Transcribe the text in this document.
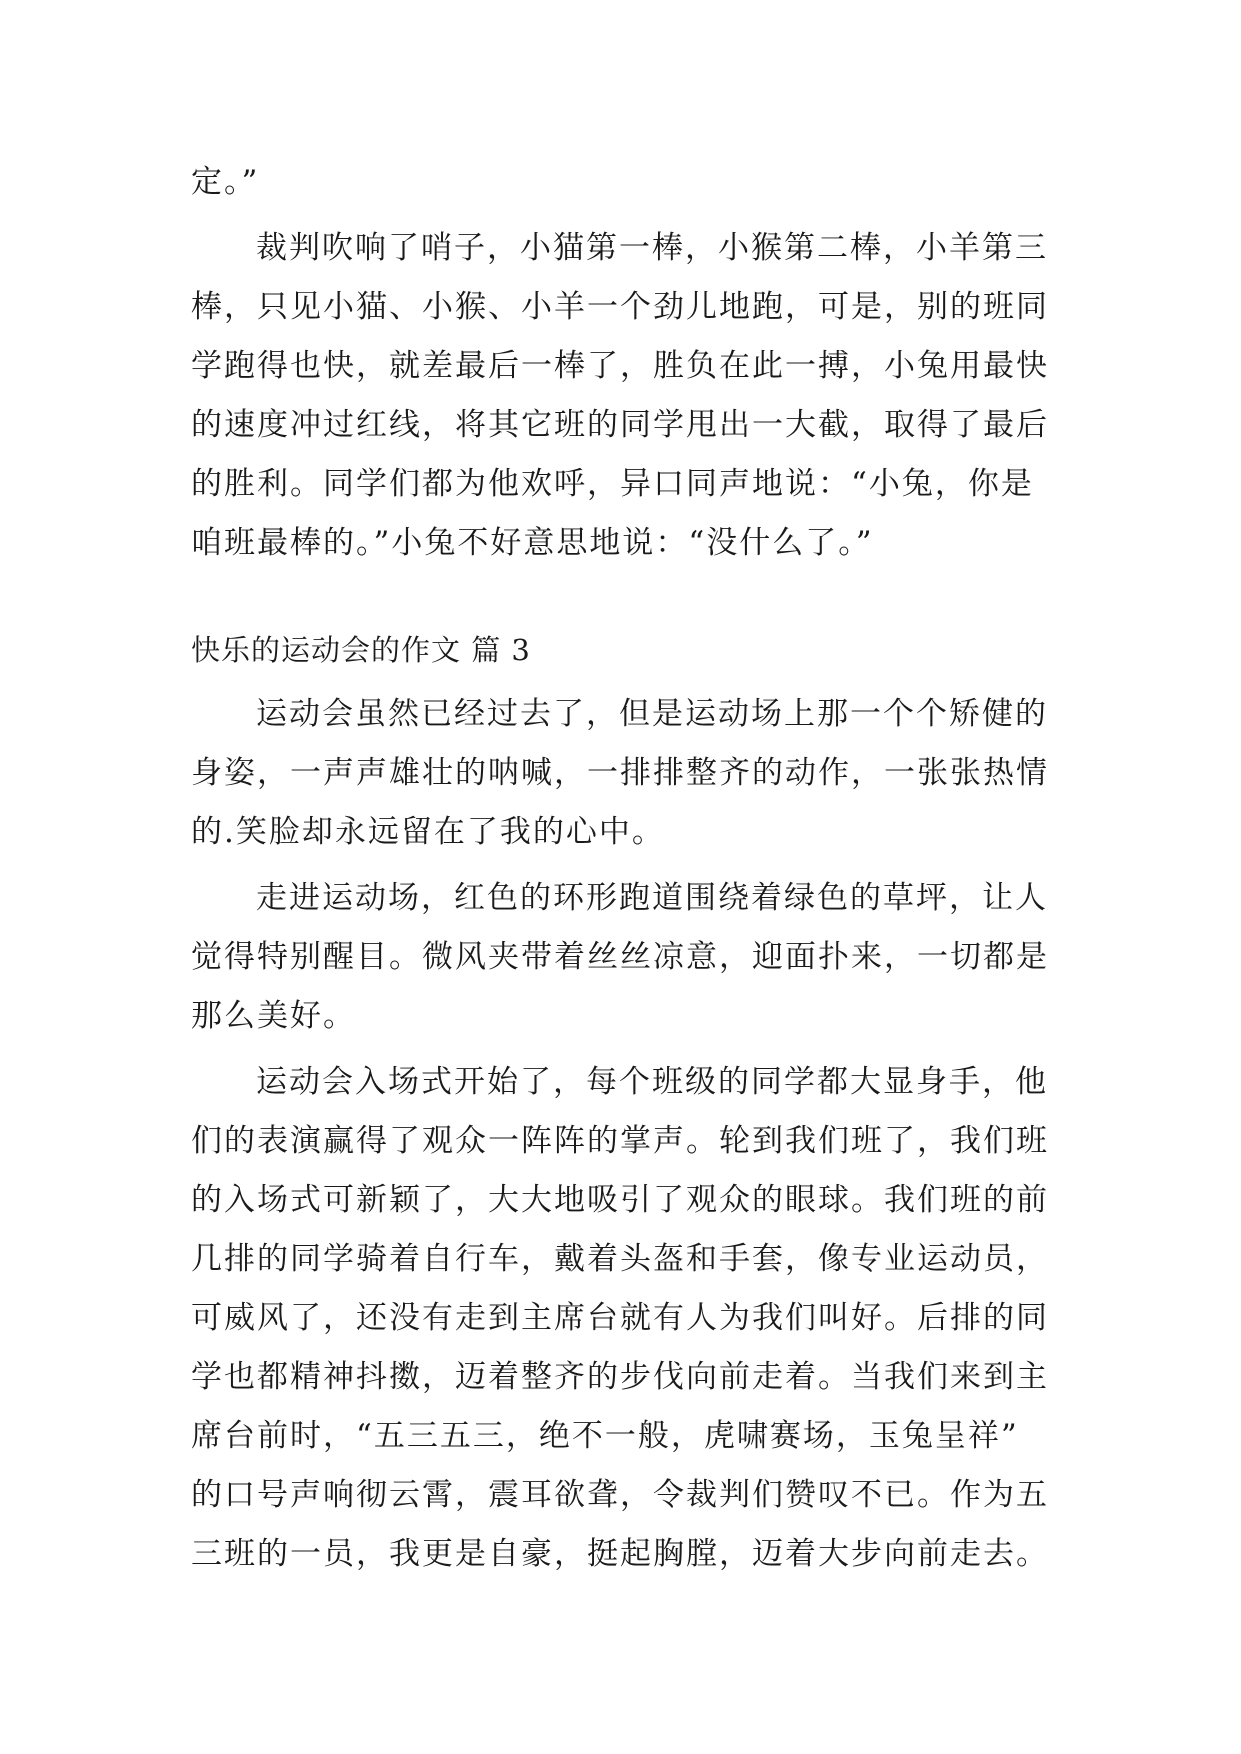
定。”
裁判吹响了哨子，小猫第一棒，小猴第二棒，小羊第三
棒，只见小猫、小猴、小羊一个劲儿地跑，可是，别的班同
学跑得也快，就差最后一棒了，胜负在此一搏，小兔用最快
的速度冲过红线，将其它班的同学甩出一大截，取得了最后
的胜利。同学们都为他欢呼，异口同声地说：“小兔，你是
咱班最棒的。”小兔不好意思地说：“没什么了。”
快乐的运动会的作文 篇 3
运动会虽然已经过去了，但是运动场上那一个个矫健的
身姿，一声声雄壮的呐喊，一排排整齐的动作，一张张热情
的.笑脸却永远留在了我的心中。
走进运动场，红色的环形跑道围绕着绿色的草坪，让人
觉得特别醒目。微风夹带着丝丝凉意，迎面扑来，一切都是
那么美好。
运动会入场式开始了，每个班级的同学都大显身手，他
们的表演赢得了观众一阵阵的掌声。轮到我们班了，我们班
的入场式可新颖了，大大地吸引了观众的眼球。我们班的前
几排的同学骑着自行车，戴着头盔和手套，像专业运动员，
可威风了，还没有走到主席台就有人为我们叫好。后排的同
学也都精神抖擞，迈着整齐的步伐向前走着。当我们来到主
席台前时，“五三五三，绝不一般，虎啸赛场，玉兔呈祥”
的口号声响彻云霄，震耳欲聋，令裁判们赞叹不已。作为五
三班的一员，我更是自豪，挺起胸膛，迈着大步向前走去。
